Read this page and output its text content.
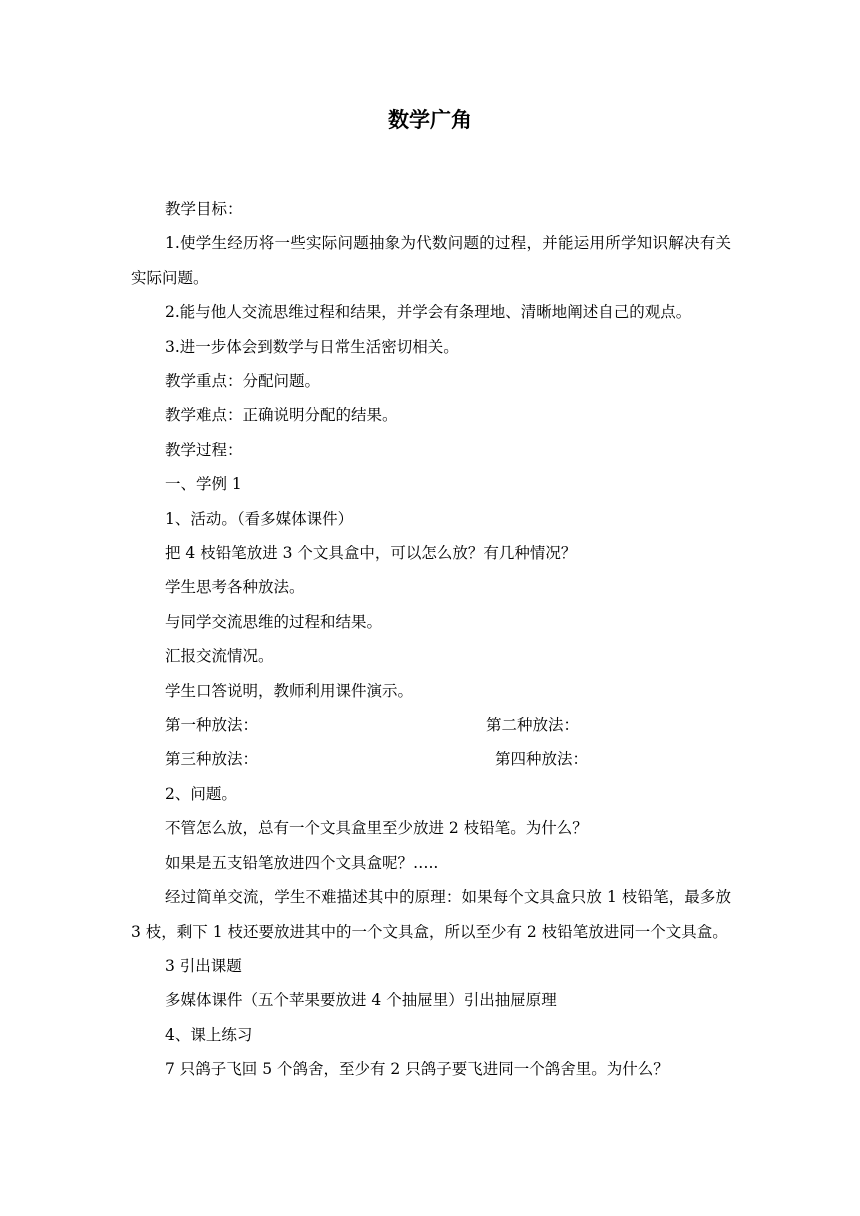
数学广角

教学目标：

1.使学生经历将一些实际问题抽象为代数问题的过程，并能运用所学知识解决有关实际问题。

2.能与他人交流思维过程和结果，并学会有条理地、清晰地阐述自己的观点。

3.进一步体会到数学与日常生活密切相关。

教学重点：分配问题。

教学难点：正确说明分配的结果。

教学过程：

一、学例 1

1、活动。（看多媒体课件）

把 4 枝铅笔放进 3 个文具盒中，可以怎么放？有几种情况？

学生思考各种放法。

与同学交流思维的过程和结果。

汇报交流情况。

学生口答说明，教师利用课件演示。

第一种放法：	第二种放法：
第三种放法：	第四种放法：

2、问题。

不管怎么放，总有一个文具盒里至少放进 2 枝铅笔。为什么？

如果是五支铅笔放进四个文具盒呢？…..

经过简单交流，学生不难描述其中的原理：如果每个文具盒只放 1 枝铅笔，最多放 3 枝，剩下 1 枝还要放进其中的一个文具盒，所以至少有 2 枝铅笔放进同一个文具盒。

3 引出课题

多媒体课件（五个苹果要放进 4 个抽屉里）引出抽屉原理

4、课上练习

7 只鸽子飞回 5 个鸽舍，至少有 2 只鸽子要飞进同一个鸽舍里。为什么？
